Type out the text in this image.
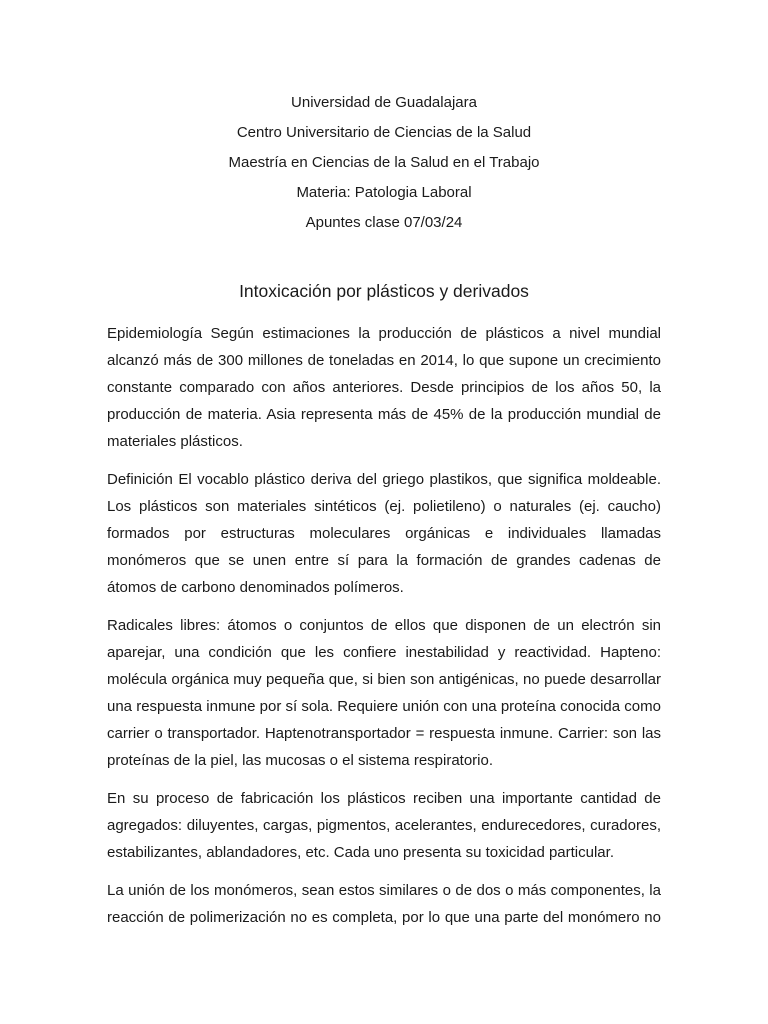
Universidad de Guadalajara
Centro Universitario de Ciencias de la Salud
Maestría en Ciencias de la Salud en el Trabajo
Materia: Patologia Laboral
Apuntes clase 07/03/24
Intoxicación por plásticos y derivados

Epidemiología Según estimaciones la producción de plásticos a nivel mundial alcanzó más de 300 millones de toneladas en 2014, lo que supone un crecimiento constante comparado con años anteriores. Desde principios de los años 50, la producción de materia. Asia representa más de 45% de la producción mundial de materiales plásticos.

Definición El vocablo plástico deriva del griego plastikos, que significa moldeable. Los plásticos son materiales sintéticos (ej. polietileno) o naturales (ej. caucho) formados por estructuras moleculares orgánicas e individuales llamadas monómeros que se unen entre sí para la formación de grandes cadenas de átomos de carbono denominados polímeros.

Radicales libres: átomos o conjuntos de ellos que disponen de un electrón sin aparejar, una condición que les confiere inestabilidad y reactividad. Hapteno: molécula orgánica muy pequeña que, si bien son antigénicas, no puede desarrollar una respuesta inmune por sí sola. Requiere unión con una proteína conocida como carrier o transportador. Haptenotransportador = respuesta inmune. Carrier: son las proteínas de la piel, las mucosas o el sistema respiratorio.

En su proceso de fabricación los plásticos reciben una importante cantidad de agregados: diluyentes, cargas, pigmentos, acelerantes, endurecedores, curadores, estabilizantes, ablandadores, etc. Cada uno presenta su toxicidad particular.

La unión de los monómeros, sean estos similares o de dos o más componentes, la reacción de polimerización no es completa, por lo que una parte del monómero no
